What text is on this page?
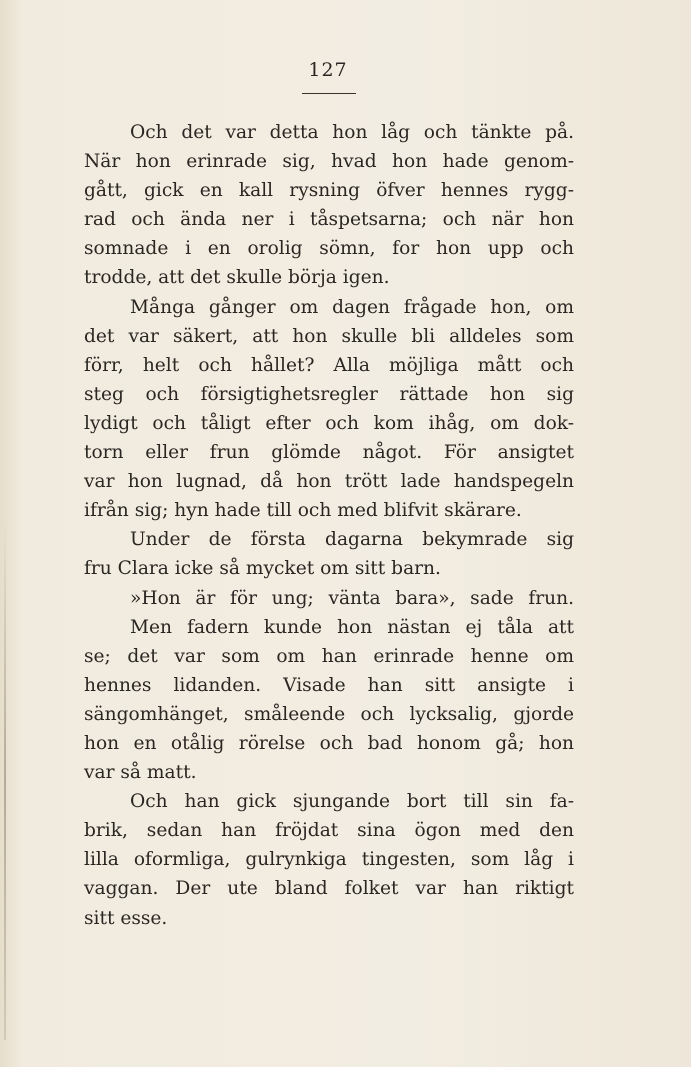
127
Och det var detta hon låg och tänkte på.
När hon erinrade sig, hvad hon hade genom-
gått, gick en kall rysning öfver hennes rygg-
rad och ända ner i tåspetsarna; och när hon
somnade i en orolig sömn, for hon upp och
trodde, att det skulle börja igen.
Många gånger om dagen frågade hon, om
det var säkert, att hon skulle bli alldeles som
förr, helt och hållet? Alla möjliga mått och
steg och försigtighetsregler rättade hon sig
lydigt och tåligt efter och kom ihåg, om dok-
torn eller frun glömde något. För ansigtet
var hon lugnad, då hon trött lade handspegeln
ifrån sig; hyn hade till och med blifvit skärare.
Under de första dagarna bekymrade sig
fru Clara icke så mycket om sitt barn.
»Hon är för ung; vänta bara», sade frun.
Men fadern kunde hon nästan ej tåla att
se; det var som om han erinrade henne om
hennes lidanden. Visade han sitt ansigte i
sängomhänget, småleende och lycksalig, gjorde
hon en otålig rörelse och bad honom gå; hon
var så matt.
Och han gick sjungande bort till sin fa-
brik, sedan han fröjdat sina ögon med den
lilla oformliga, gulrynkiga tingesten, som låg i
vaggan. Der ute bland folket var han riktigt
sitt esse.
